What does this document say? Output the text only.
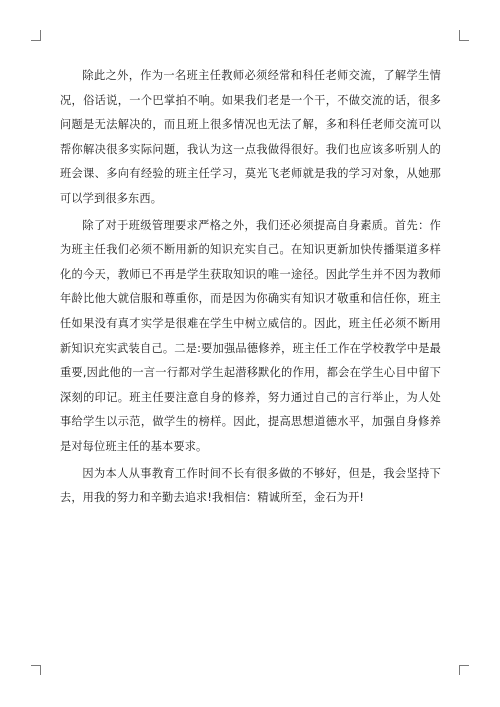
除此之外，作为一名班主任教师必须经常和科任老师交流，了解学生情况，俗话说，一个巴掌拍不响。如果我们老是一个干，不做交流的话，很多问题是无法解决的，而且班上很多情况也无法了解，多和科任老师交流可以帮你解决很多实际问题，我认为这一点我做得很好。我们也应该多听别人的班会课、多向有经验的班主任学习，莫光飞老师就是我的学习对象，从她那可以学到很多东西。

除了对于班级管理要求严格之外，我们还必须提高自身素质。首先：作为班主任我们必须不断用新的知识充实自己。在知识更新加快传播渠道多样化的今天，教师已不再是学生获取知识的唯一途径。因此学生并不因为教师年龄比他大就信服和尊重你，而是因为你确实有知识才敬重和信任你，班主任如果没有真才实学是很难在学生中树立威信的。因此，班主任必须不断用新知识充实武装自己。二是:要加强品德修养，班主任工作在学校教学中是最重要,因此他的一言一行都对学生起潜移默化的作用，都会在学生心目中留下深刻的印记。班主任要注意自身的修养，努力通过自己的言行举止，为人处事给学生以示范，做学生的榜样。因此，提高思想道德水平，加强自身修养是对每位班主任的基本要求。

因为本人从事教育工作时间不长有很多做的不够好，但是，我会坚持下去，用我的努力和辛勤去追求!我相信：精诚所至，金石为开!
